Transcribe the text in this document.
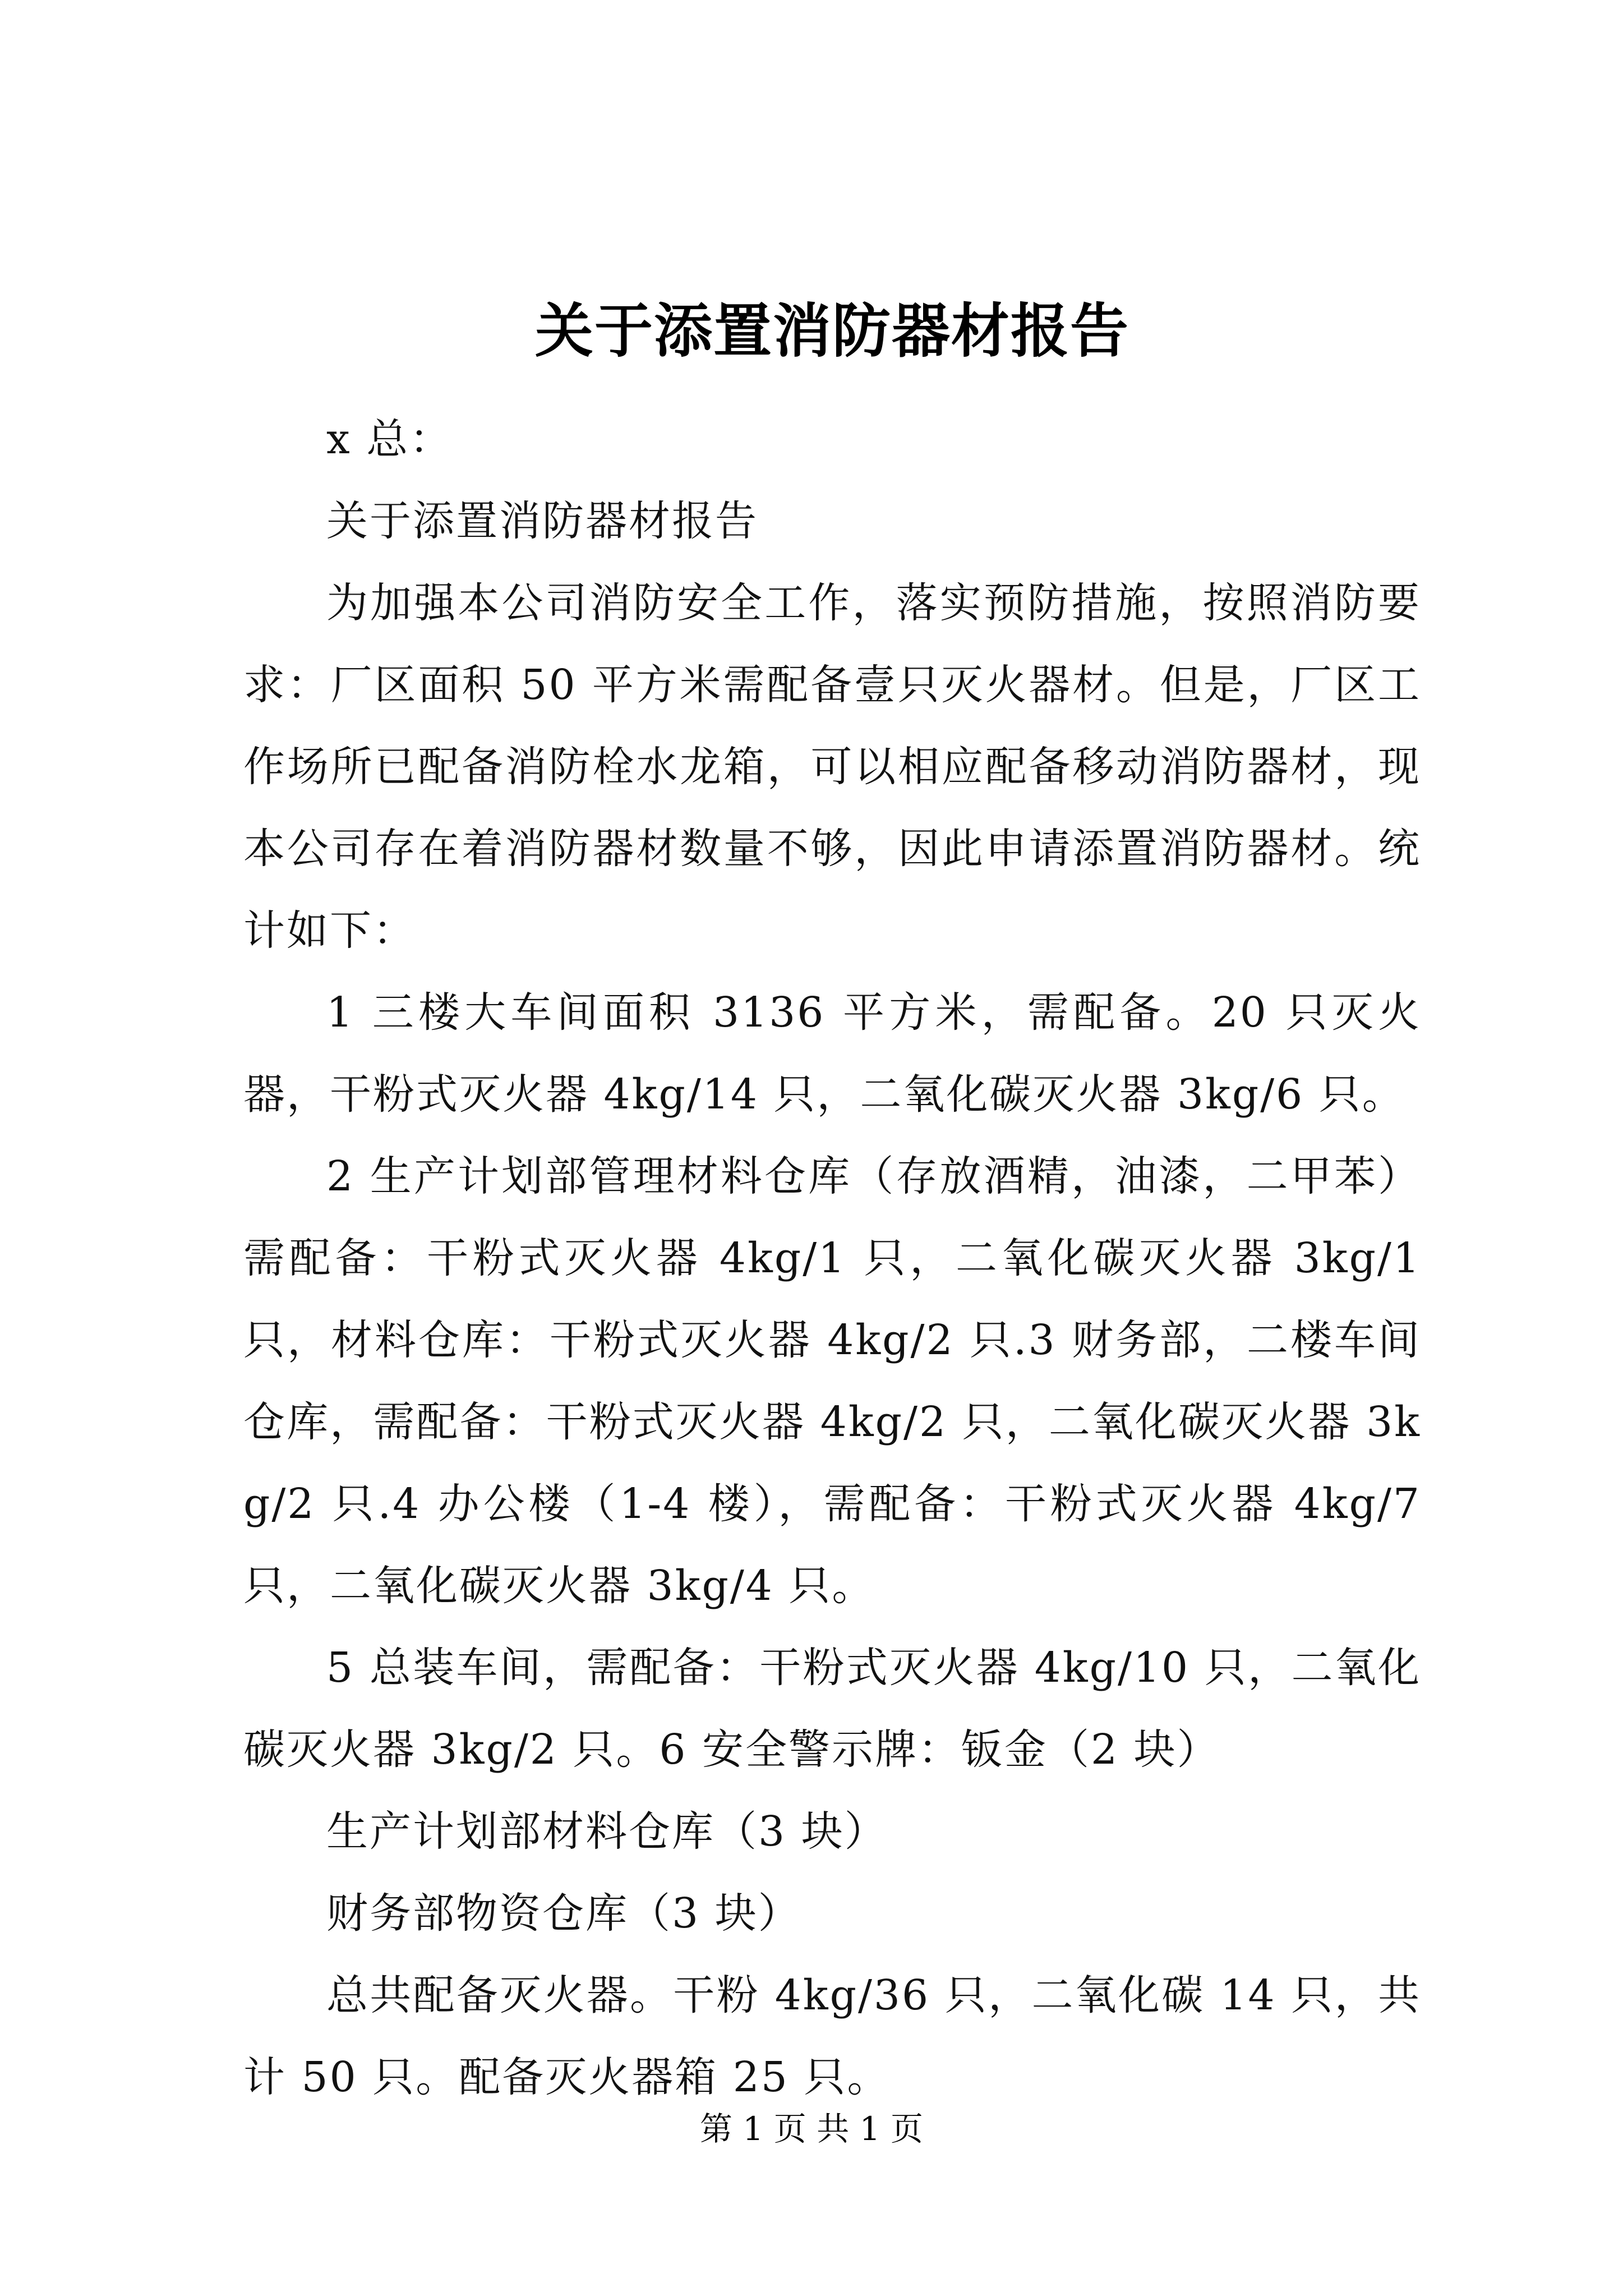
关于添置消防器材报告

x 总：

关于添置消防器材报告

为加强本公司消防安全工作，落实预防措施，按照消防要求：厂区面积 50 平方米需配备壹只灭火器材。但是，厂区工作场所已配备消防栓水龙箱，可以相应配备移动消防器材，现本公司存在着消防器材数量不够，因此申请添置消防器材。统计如下：

1 三楼大车间面积 3136 平方米，需配备。20 只灭火器，干粉式灭火器 4kg/14 只，二氧化碳灭火器 3kg/6 只。

2 生产计划部管理材料仓库（存放酒精，油漆，二甲苯）需配备：干粉式灭火器 4kg/1 只，二氧化碳灭火器 3kg/1 只，材料仓库：干粉式灭火器 4kg/2 只.3 财务部，二楼车间仓库，需配备：干粉式灭火器 4kg/2 只，二氧化碳灭火器 3kg/2 只.4 办公楼（1-4 楼），需配备：干粉式灭火器 4kg/7 只，二氧化碳灭火器 3kg/4 只。

5 总装车间，需配备：干粉式灭火器 4kg/10 只，二氧化碳灭火器 3kg/2 只。6 安全警示牌：钣金（2 块）

生产计划部材料仓库（3 块）

财务部物资仓库（3 块）

总共配备灭火器。干粉 4kg/36 只，二氧化碳 14 只，共计 50 只。配备灭火器箱 25 只。

第 1 页 共 1 页
